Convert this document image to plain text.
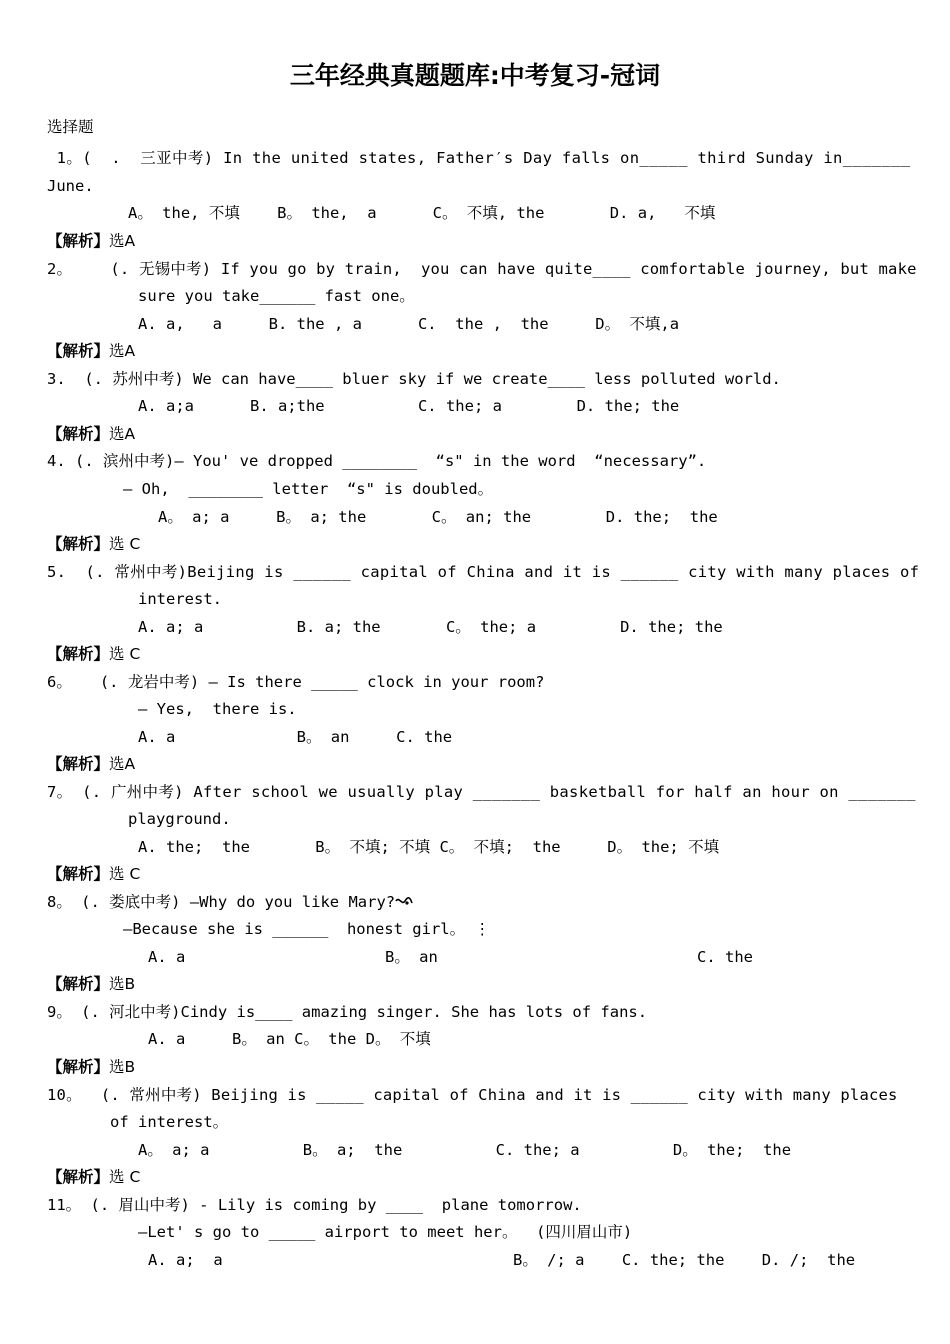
三年经典真题题库:中考复习-冠词
选择题
1。(  .  三亚中考) In the united states, Father′s Day falls on_____ third Sunday in_______
June.
A。 the, 不填    B。 the,  a      C。 不填, the       D. a,   不填
【解析】选A
2。    (. 无锡中考) If you go by train,  you can have quite____ comfortable journey, but make
sure you take______ fast one。
A. a,   a     B. the , a      C.  the ,  the     D。 不填,a
【解析】选A
3.  (. 苏州中考) We can have____ bluer sky if we create____ less polluted world.
A. a;a      B. a;the          C. the; a        D. the; the
【解析】选A
4. (. 滨州中考)— You' ve dropped ________  “s" in the word  “necessary”.
— Oh,  ________ letter  “s" is doubled。
A。 a; a     B。 a; the       C。 an; the        D. the;  the
【解析】选 C
5.  (. 常州中考)Beijing is ______ capital of China and it is ______ city with many places of
interest.
A. a; a          B. a; the       C。 the; a         D. the; the
【解析】选 C
6。   (. 龙岩中考) — Is there _____ clock in your room?
— Yes,  there is.
A. a             B。 an     C. the
【解析】选A
7。 (. 广州中考) After school we usually play _______ basketball for half an hour on _______
playground.
A. the;  the       B。 不填; 不填 C。 不填;  the     D。 the; 不填
【解析】选 C
8。 (. 娄底中考) —Why do you like Mary?
—Because she is ______  honest girl。 ⋮
A. a	B。 an	C. the
【解析】选B
9。 (. 河北中考)Cindy is____ amazing singer. She has lots of fans.
A. a     B。 an C。 the D。 不填
【解析】选B
10。  (. 常州中考) Beijing is _____ capital of China and it is ______ city with many places
of interest。
A。 a; a          B。 a;  the          C. the; a          D。 the;  the
【解析】选 C
11。 (. 眉山中考) - Lily is coming by ____  plane tomorrow.
—Let' s go to _____ airport to meet her。  (四川眉山市)
A. a;  a	B。 /; a    C. the; the    D. /;  the
